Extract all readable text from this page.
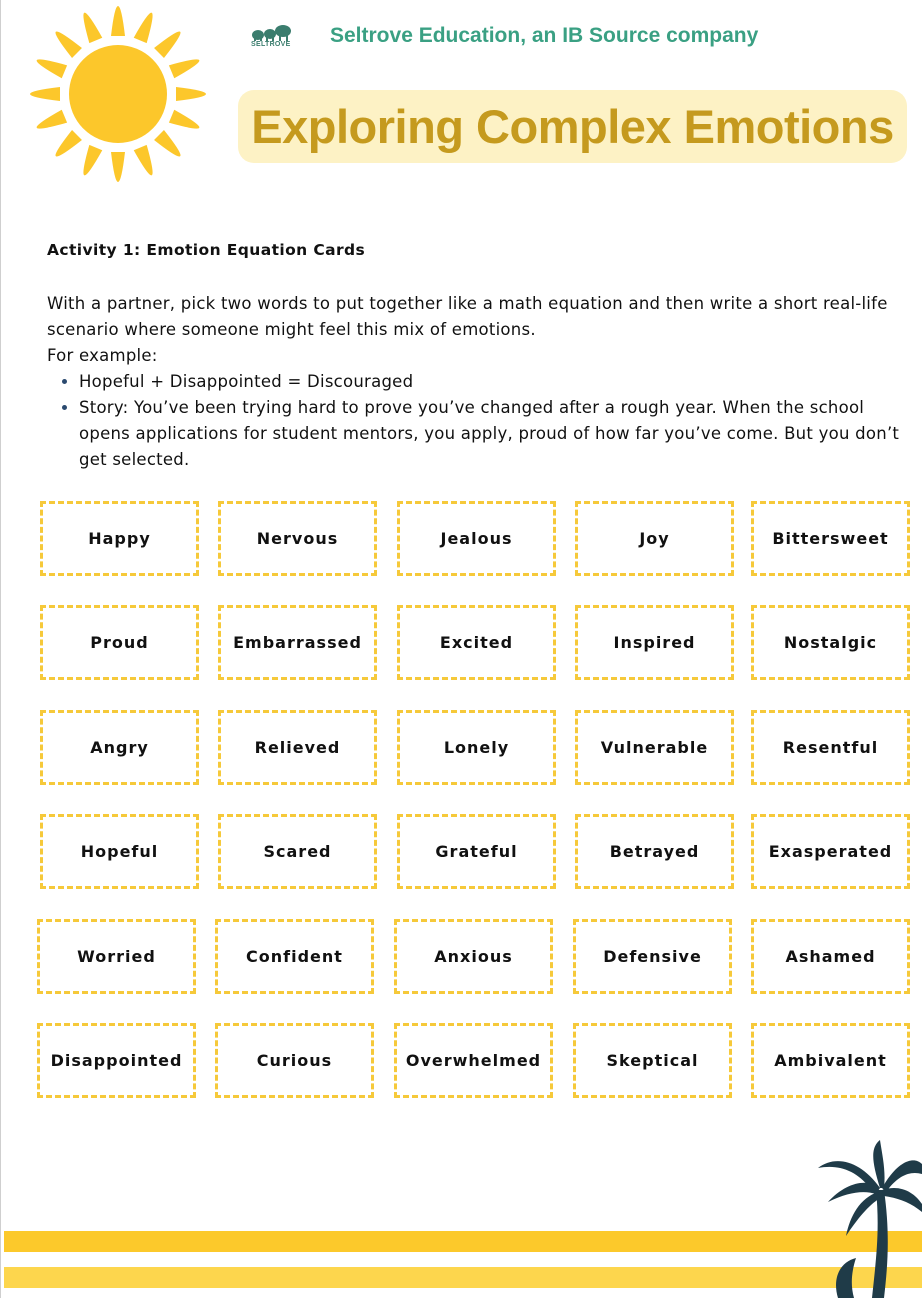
SELTROVE Seltrove Education, an IB Source company
Exploring Complex Emotions
Activity 1: Emotion Equation Cards

With a partner, pick two words to put together like a math equation and then write a short real-life scenario where someone might feel this mix of emotions.

For example:

• Hopeful + Disappointed = Discouraged
• Story: You’ve been trying hard to prove you’ve changed after a rough year. When the school opens applications for student mentors, you apply, proud of how far you’ve come. But you don’t get selected.
Happy	Nervous	Jealous	Joy	Bittersweet
Proud	Embarrassed	Excited	Inspired	Nostalgic
Angry	Relieved	Lonely	Vulnerable	Resentful
Hopeful	Scared	Grateful	Betrayed	Exasperated
Worried	Confident	Anxious	Defensive	Ashamed
Disappointed	Curious	Overwhelmed	Skeptical	Ambivalent
